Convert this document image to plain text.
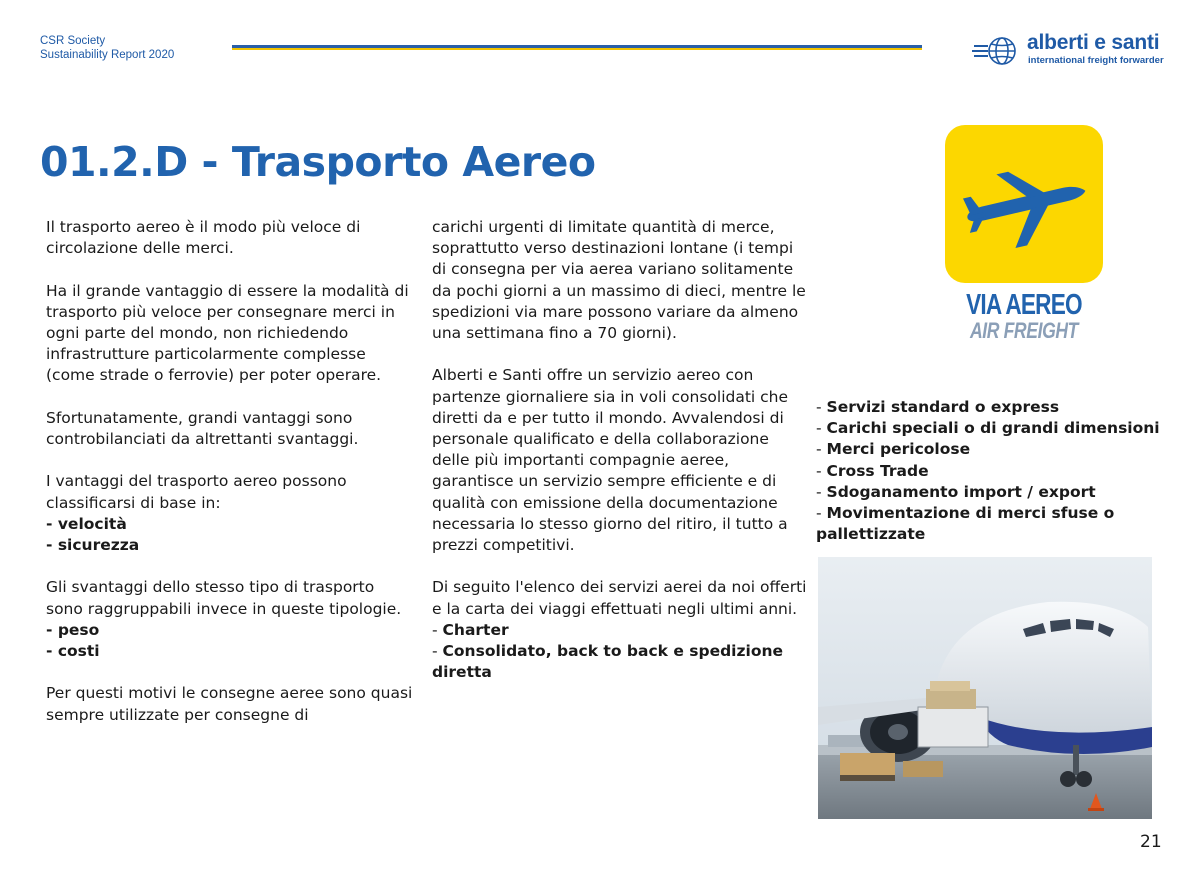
CSR Society
Sustainability Report 2020
alberti e santi
international freight forwarder
01.2.D - Trasporto Aereo

Il trasporto aereo è il modo più veloce di circolazione delle merci.

Ha il grande vantaggio di essere la modalità di trasporto più veloce per consegnare merci in ogni parte del mondo, non richiedendo infrastrutture particolarmente complesse (come strade o ferrovie) per poter operare.

Sfortunatamente, grandi vantaggi sono controbilanciati da altrettanti svantaggi.

I vantaggi del trasporto aereo possono classificarsi di base in:
- velocità

- sicurezza

Gli svantaggi dello stesso tipo di trasporto sono raggruppabili invece in queste tipologie.
- peso

- costi

Per questi motivi le consegne aeree sono quasi sempre utilizzate per consegne di

carichi urgenti di limitate quantità di merce, soprattutto verso destinazioni lontane (i tempi di consegna per via aerea variano solitamente da pochi giorni a un massimo di dieci, mentre le spedizioni via mare possono variare da almeno una settimana fino a 70 giorni).

Alberti e Santi offre un servizio aereo con partenze giornaliere sia in voli consolidati che diretti da e per tutto il mondo. Avvalendosi di personale qualificato e della collaborazione delle più importanti compagnie aeree, garantisce un servizio sempre efficiente e di qualità con emissione della documentazione necessaria lo stesso giorno del ritiro, il tutto a prezzi competitivi.

Di seguito l'elenco dei servizi aerei da noi offerti e la carta dei viaggi effettuati negli ultimi anni.
- Charter
- Consolidato, back to back e spedizione diretta
VIA AEREO
AIR FREIGHT
- Servizi standard o express
- Carichi speciali o di grandi dimensioni
- Merci pericolose
- Cross Trade
- Sdoganamento import / export
- Movimentazione di merci sfuse o pallettizzate
21
